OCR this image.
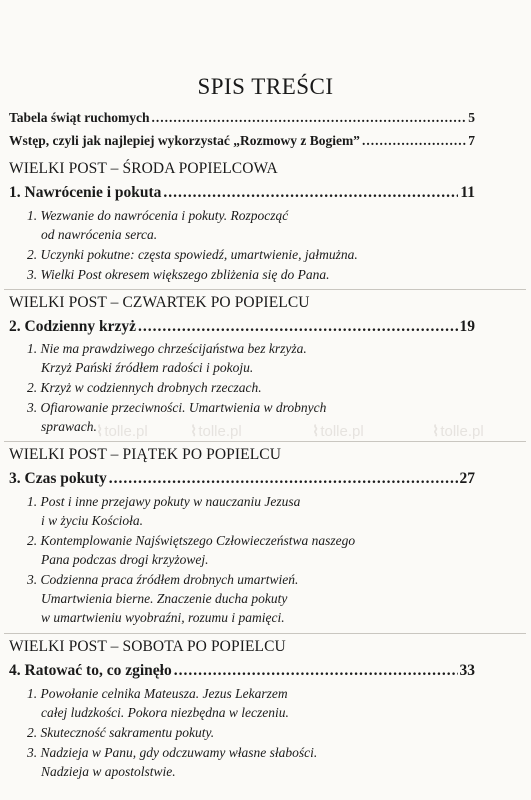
SPIS TREŚCI
Tabela świąt ruchomych .....	5
Wstęp, czyli jak najlepiej wykorzystać „Rozmowy z Bogiem” .....	7
WIELKI POST – ŚRODA POPIELCOWA
1. Nawrócenie i pokuta .....	11
1. Wezwanie do nawrócenia i pokuty. Rozpocząć
od nawrócenia serca.
2. Uczynki pokutne: częsta spowiedź, umartwienie, jałmużna.
3. Wielki Post okresem większego zbliżenia się do Pana.
WIELKI POST – CZWARTEK PO POPIELCU
2. Codzienny krzyż .....	19
1. Nie ma prawdziwego chrześcijaństwa bez krzyża.
Krzyż Pański źródłem radości i pokoju.
2. Krzyż w codziennych drobnych rzeczach.
3. Ofiarowanie przeciwności. Umartwienia w drobnych
sprawach. ⌇tolle.pl	⌇tolle.pl	⌇tolle.pl	⌇tolle.pl
WIELKI POST – PIĄTEK PO POPIELCU
3. Czas pokuty .....	27
1. Post i inne przejawy pokuty w nauczaniu Jezusa
i w życiu Kościoła.
2. Kontemplowanie Najświętszego Człowieczeństwa naszego
Pana podczas drogi krzyżowej.
3. Codzienna praca źródłem drobnych umartwień.
Umartwienia bierne. Znaczenie ducha pokuty
w umartwieniu wyobraźni, rozumu i pamięci.
WIELKI POST – SOBOTA PO POPIELCU
4. Ratować to, co zginęło .....	33
1. Powołanie celnika Mateusza. Jezus Lekarzem
całej ludzkości. Pokora niezbędna w leczeniu.
2. Skuteczność sakramentu pokuty.
3. Nadzieja w Panu, gdy odczuwamy własne słabości.
Nadzieja w apostolstwie.
